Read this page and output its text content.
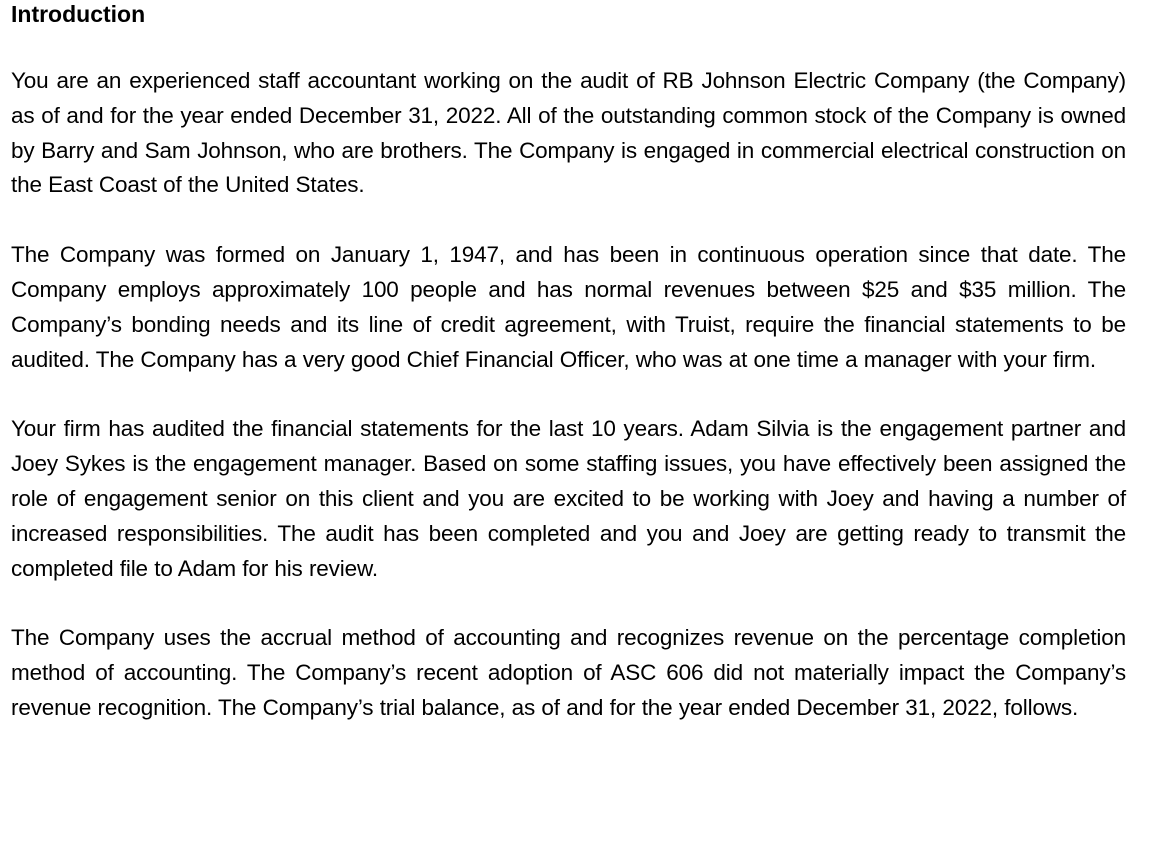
Introduction

You are an experienced staff accountant working on the audit of RB Johnson Electric Company (the Company) as of and for the year ended December 31, 2022. All of the outstanding common stock of the Company is owned by Barry and Sam Johnson, who are brothers. The Company is engaged in commercial electrical construction on the East Coast of the United States.

The Company was formed on January 1, 1947, and has been in continuous operation since that date. The Company employs approximately 100 people and has normal revenues between $25 and $35 million. The Company’s bonding needs and its line of credit agreement, with Truist, require the financial statements to be audited. The Company has a very good Chief Financial Officer, who was at one time a manager with your firm.

Your firm has audited the financial statements for the last 10 years. Adam Silvia is the engagement partner and Joey Sykes is the engagement manager. Based on some staffing issues, you have effectively been assigned the role of engagement senior on this client and you are excited to be working with Joey and having a number of increased responsibilities. The audit has been completed and you and Joey are getting ready to transmit the completed file to Adam for his review.

The Company uses the accrual method of accounting and recognizes revenue on the percentage completion method of accounting. The Company’s recent adoption of ASC 606 did not materially impact the Company’s revenue recognition. The Company’s trial balance, as of and for the year ended December 31, 2022, follows.
